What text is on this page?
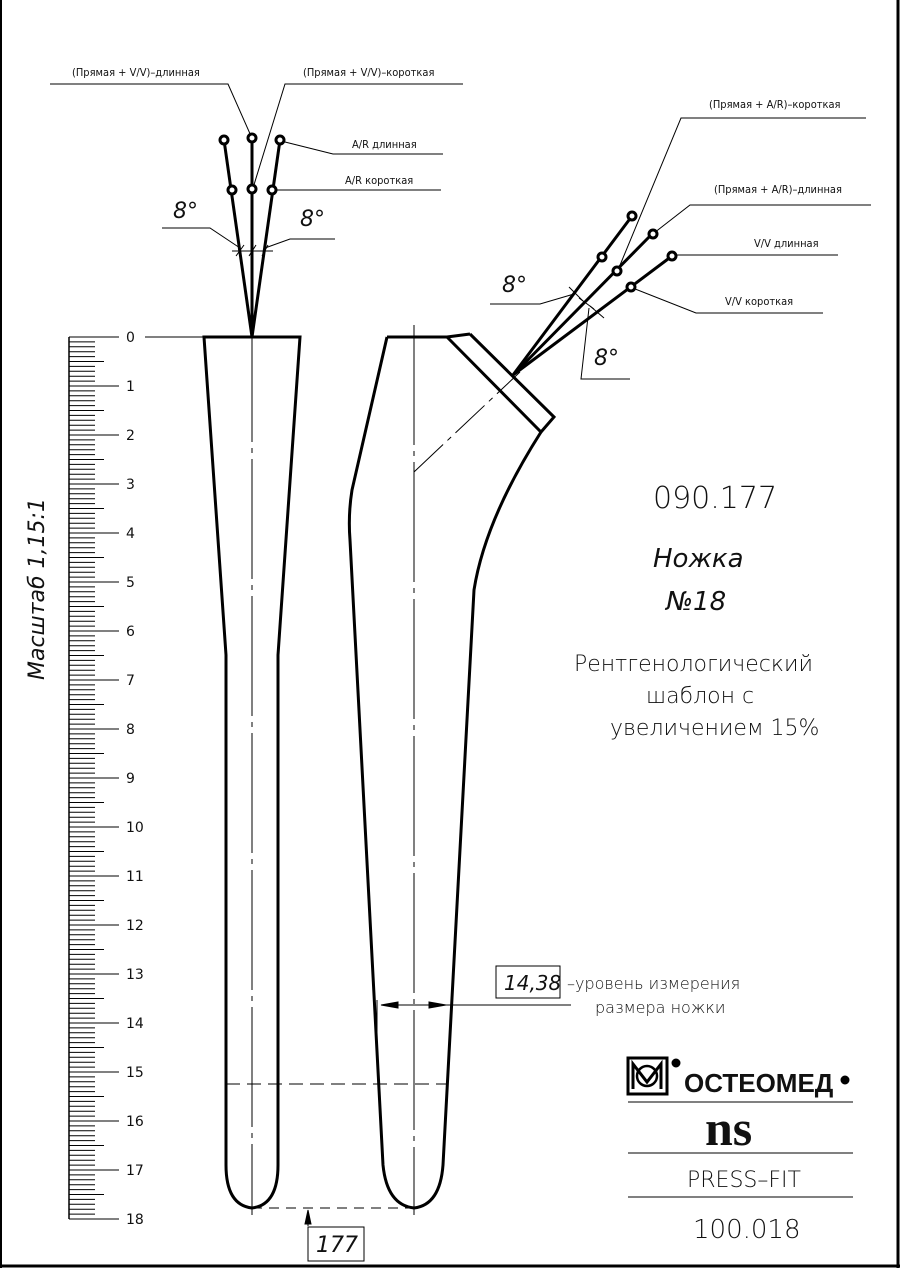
(Прямая + V/V)–длинная	(Прямая + V/V)–короткая
A/R длинная
A/R короткая
8°	8°
(Прямая + A/R)–короткая
(Прямая + A/R)–длинная
V/V длинная
V/V короткая
8°
8°
0
1
2
3
4
5
6
7
8
9
10
11
12
13
14
15
16
17
18
Масштаб 1,15:1
14,38 –уровень измерения
размера ножки
177
090.177
Ножка
№18
Рентгенологический
шаблон с
увеличением 15%
ОСТЕОМЕД
ns
PRESS–FIT
100.018
